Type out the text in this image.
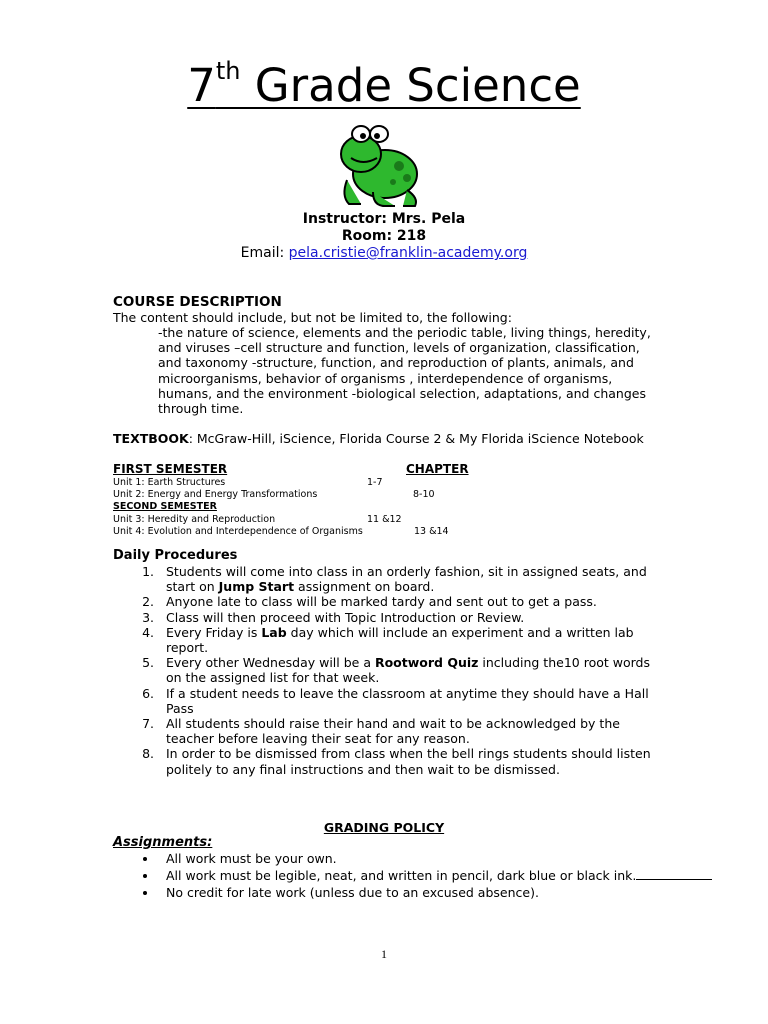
7th Grade Science
Instructor: Mrs. Pela
Room: 218
Email: pela.cristie@franklin-academy.org
COURSE DESCRIPTION
The content should include, but not be limited to, the following:
-the nature of science, elements and the periodic table, living things, heredity,
and viruses –cell structure and function, levels of organization, classification,
and taxonomy -structure, function, and reproduction of plants, animals, and
microorganisms, behavior of organisms , interdependence of organisms,
humans, and the environment -biological selection, adaptations, and changes
through time.
TEXTBOOK: McGraw-Hill, iScience, Florida Course 2 & My Florida iScience Notebook
FIRST SEMESTER	CHAPTER
Unit 1: Earth Structures	1-7
Unit 2: Energy and Energy Transformations	8-10
SECOND SEMESTER
Unit 3: Heredity and Reproduction	11 &12
Unit 4: Evolution and Interdependence of Organisms	13 &14
Daily Procedures
1. Students will come into class in an orderly fashion, sit in assigned seats, and start on Jump Start assignment on board.
2. Anyone late to class will be marked tardy and sent out to get a pass.
3. Class will then proceed with Topic Introduction or Review.
4. Every Friday is Lab day which will include an experiment and a written lab report.
5. Every other Wednesday will be a Rootword Quiz including the10 root words on the assigned list for that week.
6. If a student needs to leave the classroom at anytime they should have a Hall Pass
7. All students should raise their hand and wait to be acknowledged by the teacher before leaving their seat for any reason.
8. In order to be dismissed from class when the bell rings students should listen politely to any final instructions and then wait to be dismissed.
GRADING POLICY
Assignments:
• All work must be your own.
• All work must be legible, neat, and written in pencil, dark blue or black ink.
• No credit for late work (unless due to an excused absence).
1
